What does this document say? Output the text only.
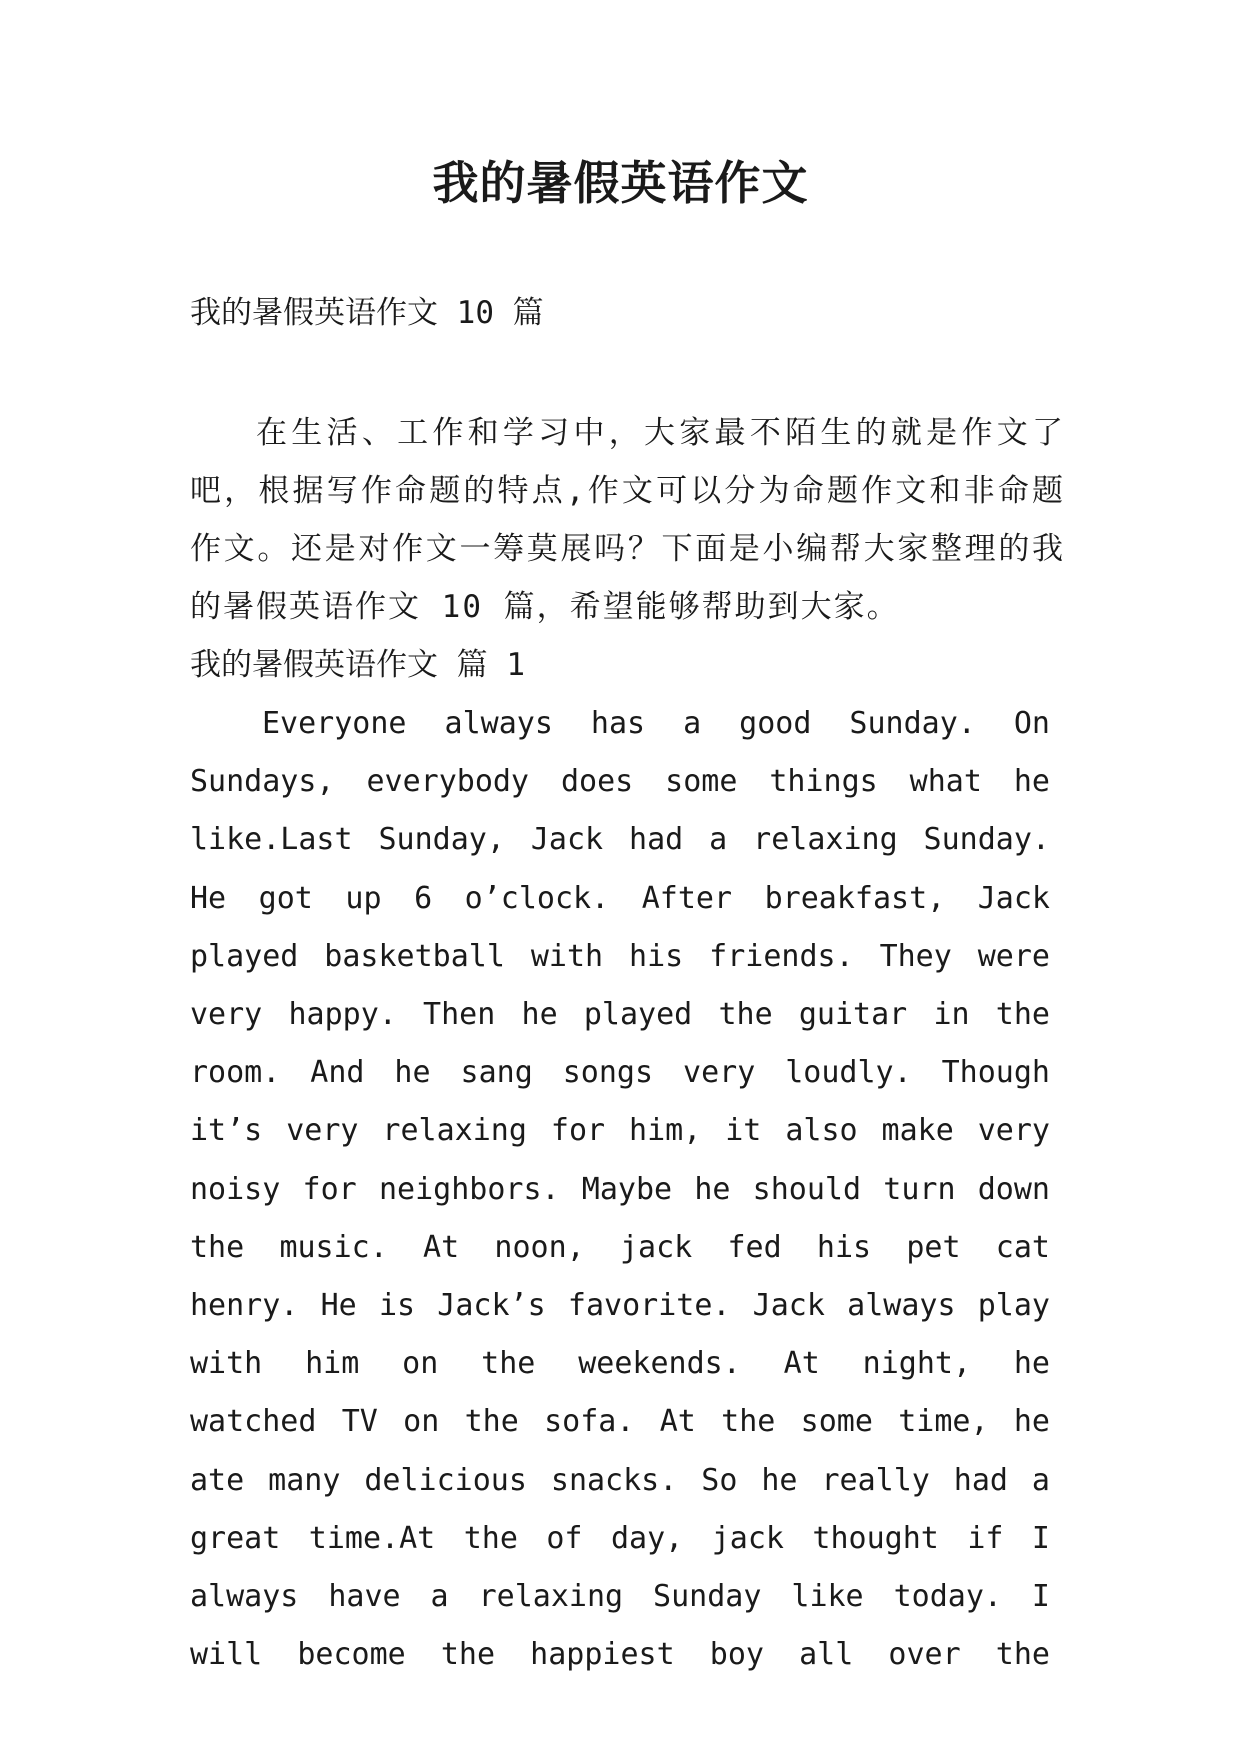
我的暑假英语作文

我的暑假英语作文 10 篇

在生活、工作和学习中，大家最不陌生的就是作文了吧，根据写作命题的特点,作文可以分为命题作文和非命题作文。还是对作文一筹莫展吗？下面是小编帮大家整理的我的暑假英语作文 10 篇，希望能够帮助到大家。

我的暑假英语作文 篇 1

Everyone always has a good Sunday. On Sundays, everybody does some things what he like.Last Sunday, Jack had a relaxing Sunday. He got up 6 o’clock. After breakfast, Jack played basketball with his friends. They were very happy. Then he played the guitar in the room. And he sang songs very loudly. Though it’s very relaxing for him, it also make very noisy for neighbors. Maybe he should turn down the music. At noon, jack fed his pet cat henry. He is Jack’s favorite. Jack always play with him on the weekends. At night, he watched TV on the sofa. At the some time, he ate many delicious snacks. So he really had a great time.At the of day, jack thought if I always have a relaxing Sunday like today. I will become the happiest boy all over the
